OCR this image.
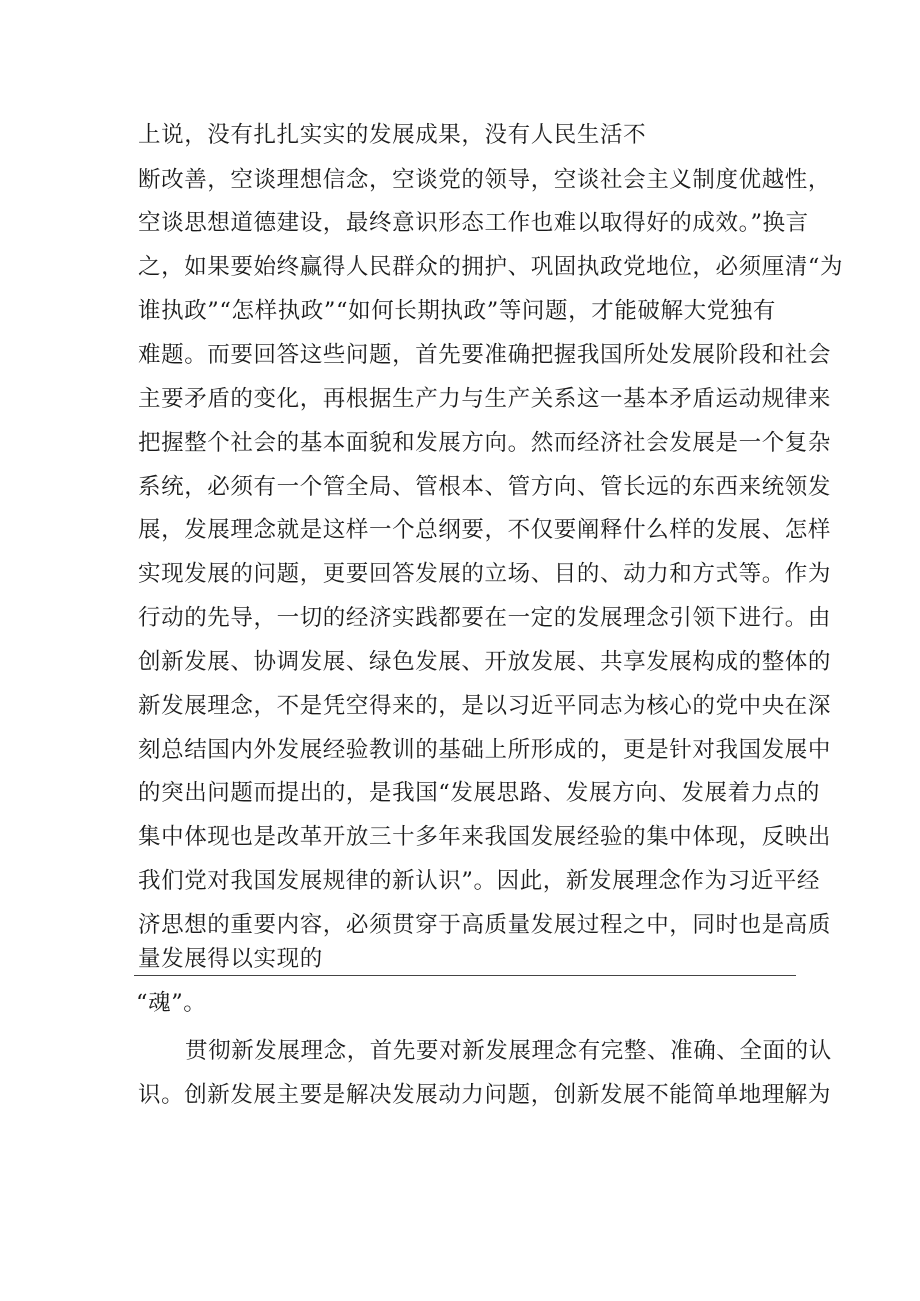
上说，没有扎扎实实的发展成果，没有人民生活不
断改善，空谈理想信念，空谈党的领导，空谈社会主义制度优越性，
空谈思想道德建设，最终意识形态工作也难以取得好的成效。”换言
之，如果要始终赢得人民群众的拥护、巩固执政党地位，必须厘清“为
谁执政”“怎样执政”“如何长期执政”等问题，才能破解大党独有
难题。而要回答这些问题，首先要准确把握我国所处发展阶段和社会
主要矛盾的变化，再根据生产力与生产关系这一基本矛盾运动规律来
把握整个社会的基本面貌和发展方向。然而经济社会发展是一个复杂
系统，必须有一个管全局、管根本、管方向、管长远的东西来统领发
展，发展理念就是这样一个总纲要，不仅要阐释什么样的发展、怎样
实现发展的问题，更要回答发展的立场、目的、动力和方式等。作为
行动的先导，一切的经济实践都要在一定的发展理念引领下进行。由
创新发展、协调发展、绿色发展、开放发展、共享发展构成的整体的
新发展理念，不是凭空得来的，是以习近平同志为核心的党中央在深
刻总结国内外发展经验教训的基础上所形成的，更是针对我国发展中
的突出问题而提出的，是我国“发展思路、发展方向、发展着力点的
集中体现也是改革开放三十多年来我国发展经验的集中体现，反映出
我们党对我国发展规律的新认识”。因此，新发展理念作为习近平经
济思想的重要内容，必须贯穿于高质量发展过程之中，同时也是高质
量发展得以实现的
“魂”。
贯彻新发展理念，首先要对新发展理念有完整、准确、全面的认
识。创新发展主要是解决发展动力问题，创新发展不能简单地理解为
